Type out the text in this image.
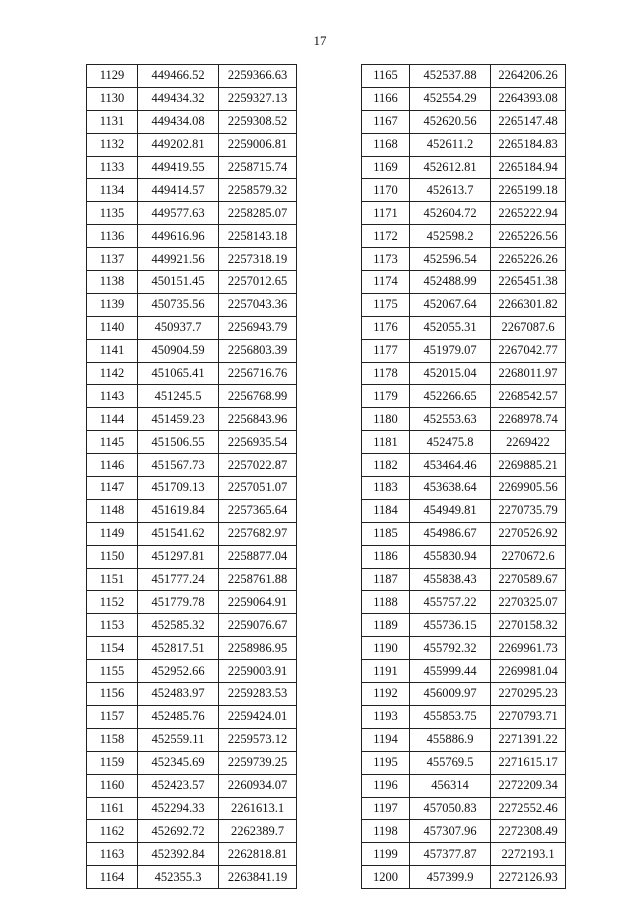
17
1129	449466.52	2259366.63
1130	449434.32	2259327.13
1131	449434.08	2259308.52
1132	449202.81	2259006.81
1133	449419.55	2258715.74
1134	449414.57	2258579.32
1135	449577.63	2258285.07
1136	449616.96	2258143.18
1137	449921.56	2257318.19
1138	450151.45	2257012.65
1139	450735.56	2257043.36
1140	450937.7	2256943.79
1141	450904.59	2256803.39
1142	451065.41	2256716.76
1143	451245.5	2256768.99
1144	451459.23	2256843.96
1145	451506.55	2256935.54
1146	451567.73	2257022.87
1147	451709.13	2257051.07
1148	451619.84	2257365.64
1149	451541.62	2257682.97
1150	451297.81	2258877.04
1151	451777.24	2258761.88
1152	451779.78	2259064.91
1153	452585.32	2259076.67
1154	452817.51	2258986.95
1155	452952.66	2259003.91
1156	452483.97	2259283.53
1157	452485.76	2259424.01
1158	452559.11	2259573.12
1159	452345.69	2259739.25
1160	452423.57	2260934.07
1161	452294.33	2261613.1
1162	452692.72	2262389.7
1163	452392.84	2262818.81
1164	452355.3	2263841.19
1165	452537.88	2264206.26
1166	452554.29	2264393.08
1167	452620.56	2265147.48
1168	452611.2	2265184.83
1169	452612.81	2265184.94
1170	452613.7	2265199.18
1171	452604.72	2265222.94
1172	452598.2	2265226.56
1173	452596.54	2265226.26
1174	452488.99	2265451.38
1175	452067.64	2266301.82
1176	452055.31	2267087.6
1177	451979.07	2267042.77
1178	452015.04	2268011.97
1179	452266.65	2268542.57
1180	452553.63	2268978.74
1181	452475.8	2269422
1182	453464.46	2269885.21
1183	453638.64	2269905.56
1184	454949.81	2270735.79
1185	454986.67	2270526.92
1186	455830.94	2270672.6
1187	455838.43	2270589.67
1188	455757.22	2270325.07
1189	455736.15	2270158.32
1190	455792.32	2269961.73
1191	455999.44	2269981.04
1192	456009.97	2270295.23
1193	455853.75	2270793.71
1194	455886.9	2271391.22
1195	455769.5	2271615.17
1196	456314	2272209.34
1197	457050.83	2272552.46
1198	457307.96	2272308.49
1199	457377.87	2272193.1
1200	457399.9	2272126.93
